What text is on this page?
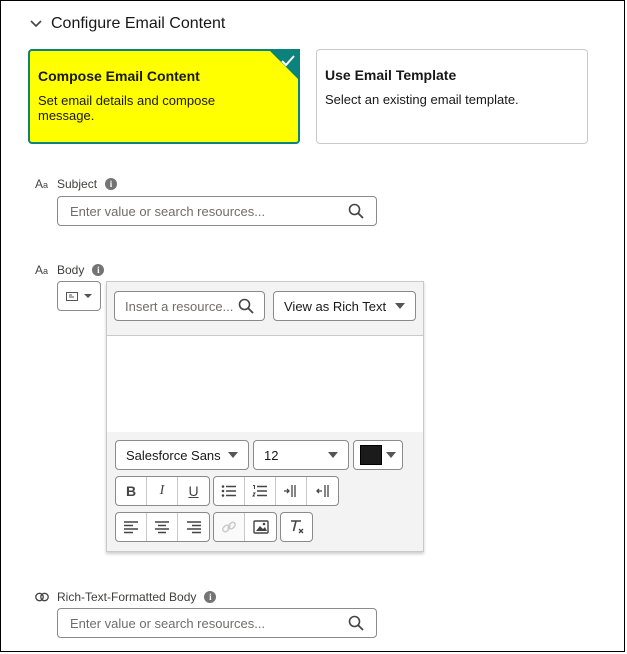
Configure Email Content
Compose Email Content
Set email details and compose message.
Use Email Template
Select an existing email template.
Aa Subject	i
Enter value or search resources...
Aa Body	i
Insert a resource...	View as Rich Text
Salesforce Sans	12
B	I	U
Rich-Text-Formatted Body	i
Enter value or search resources...
